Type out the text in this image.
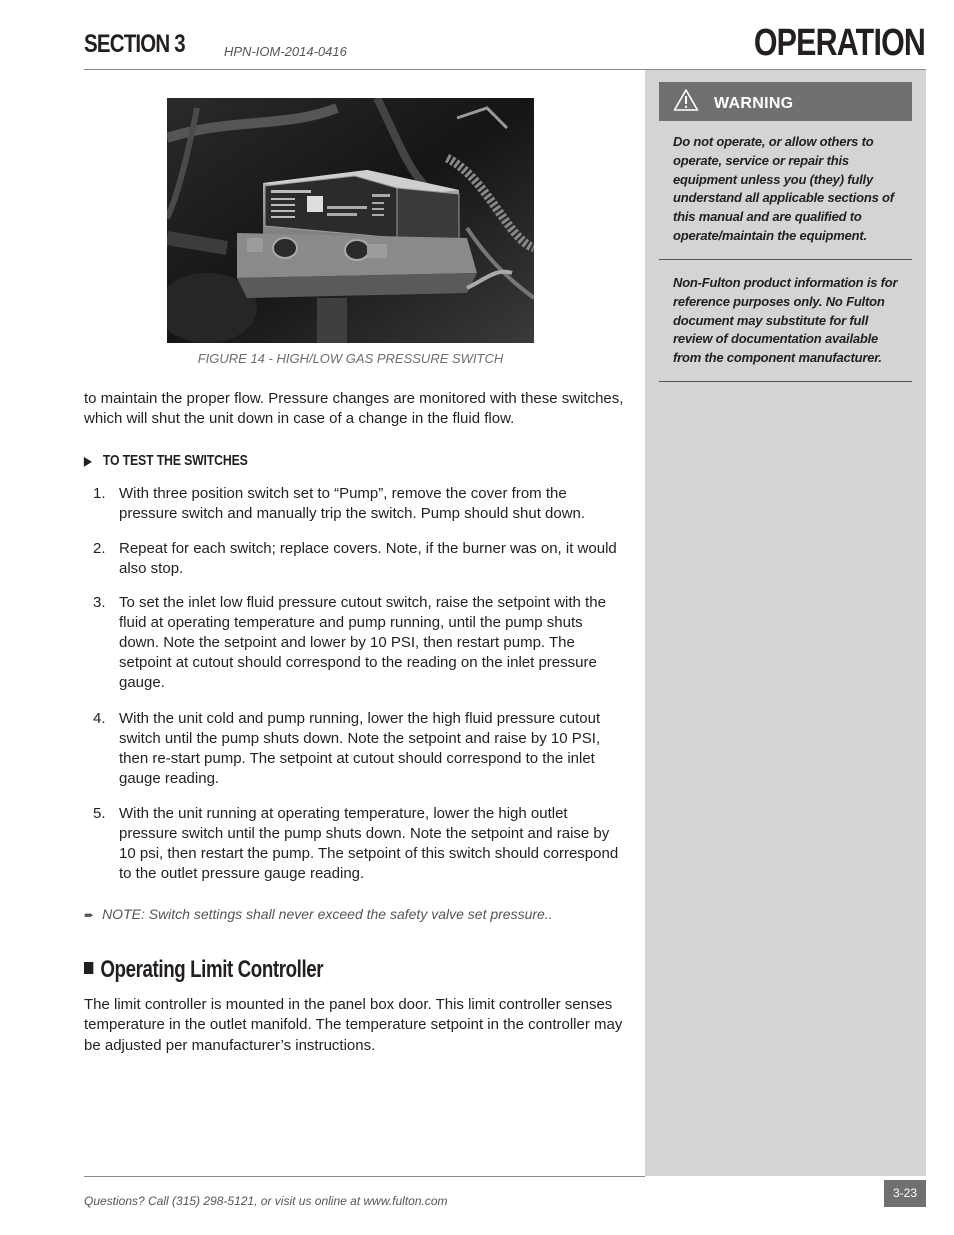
SECTION 3	HPN-IOM-2014-0416	OPERATION
WARNING
Do not operate, or allow others to operate, service or repair this equipment unless you (they) fully understand all applicable sections of this manual and are qualified to operate/maintain the equipment.
Non-Fulton product information is for reference purposes only. No Fulton document may substitute for full review of documentation available from the component manufacturer.
FIGURE 14 - HIGH/LOW GAS PRESSURE SWITCH
to maintain the proper flow. Pressure changes are monitored with these switches, which will shut the unit down in case of a change in the fluid flow.
▶ TO TEST THE SWITCHES
1. With three position switch set to “Pump”, remove the cover from the pressure switch and manually trip the switch. Pump should shut down.
2. Repeat for each switch; replace covers. Note, if the burner was on, it would also stop.
3. To set the inlet low fluid pressure cutout switch, raise the setpoint with the fluid at operating temperature and pump running, until the pump shuts down. Note the setpoint and lower by 10 PSI, then restart pump. The setpoint at cutout should correspond to the reading on the inlet pressure gauge.
4. With the unit cold and pump running, lower the high fluid pressure cutout switch until the pump shuts down. Note the setpoint and raise by 10 PSI, then re-start pump. The setpoint at cutout should correspond to the inlet gauge reading.
5. With the unit running at operating temperature, lower the high outlet pressure switch until the pump shuts down. Note the setpoint and raise by 10 psi, then restart the pump. The setpoint of this switch should correspond to the outlet pressure gauge reading.
➨ NOTE: Switch settings shall never exceed the safety valve set pressure..
Operating Limit Controller
The limit controller is mounted in the panel box door. This limit controller senses temperature in the outlet manifold. The temperature setpoint in the controller may be adjusted per manufacturer’s instructions.
Questions? Call (315) 298-5121, or visit us online at www.fulton.com
3-23
